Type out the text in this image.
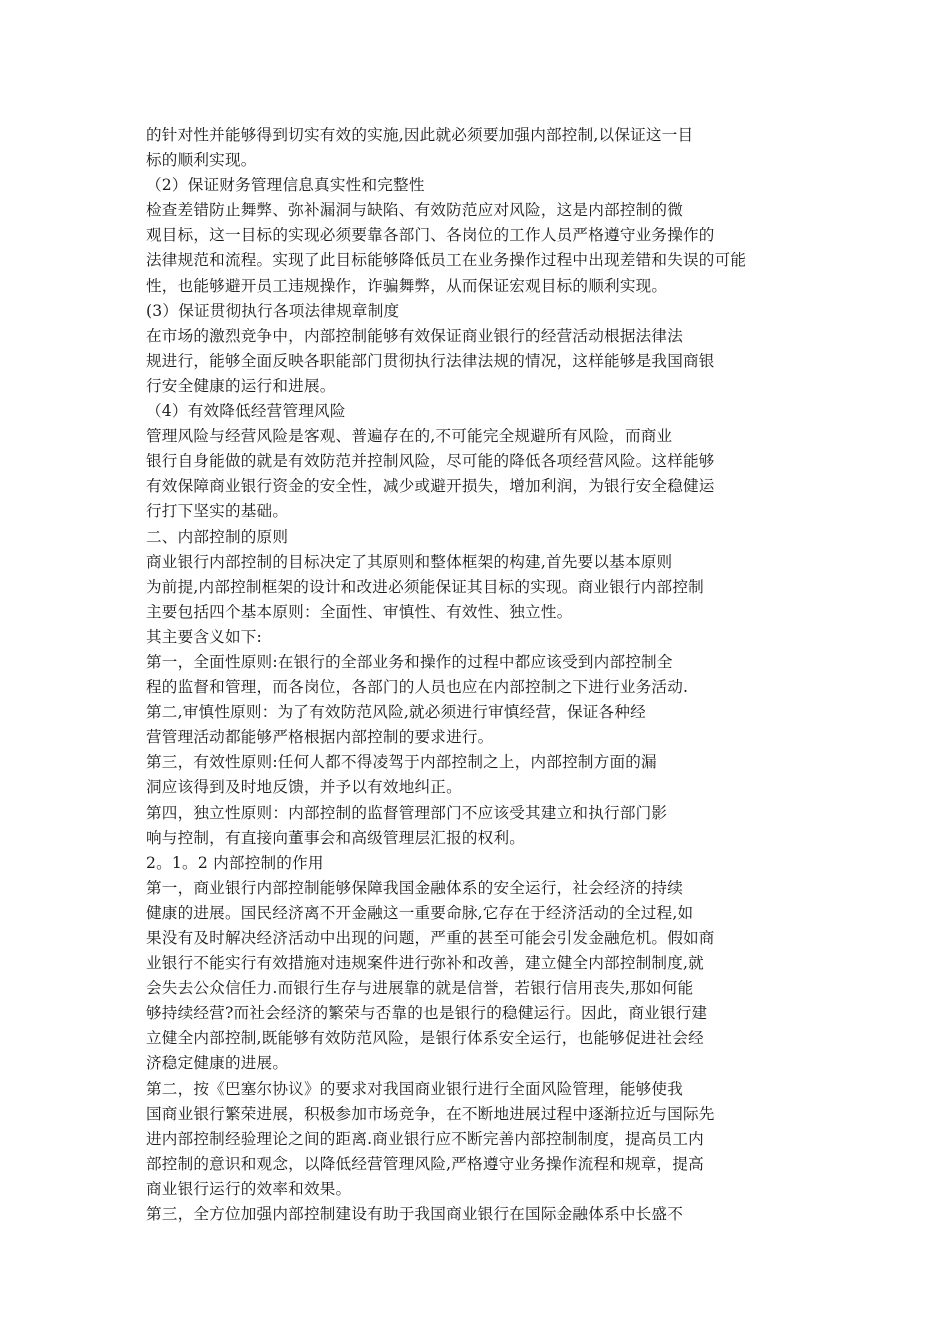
的针对性并能够得到切实有效的实施,因此就必须要加强内部控制,以保证这一目
标的顺利实现。
（2）保证财务管理信息真实性和完整性
检查差错防止舞弊、弥补漏洞与缺陷、有效防范应对风险，这是内部控制的微
观目标，这一目标的实现必须要靠各部门、各岗位的工作人员严格遵守业务操作的
法律规范和流程。实现了此目标能够降低员工在业务操作过程中出现差错和失误的可能
性，也能够避开员工违规操作，诈骗舞弊，从而保证宏观目标的顺利实现。
(3）保证贯彻执行各项法律规章制度
在市场的激烈竞争中，内部控制能够有效保证商业银行的经营活动根据法律法
规进行，能够全面反映各职能部门贯彻执行法律法规的情况，这样能够是我国商银
行安全健康的运行和进展。
（4）有效降低经营管理风险
管理风险与经营风险是客观、普遍存在的,不可能完全规避所有风险，而商业
银行自身能做的就是有效防范并控制风险，尽可能的降低各项经营风险。这样能够
有效保障商业银行资金的安全性，减少或避开损失，增加利润，为银行安全稳健运
行打下坚实的基础。
二、内部控制的原则
商业银行内部控制的目标决定了其原则和整体框架的构建,首先要以基本原则
为前提,内部控制框架的设计和改进必须能保证其目标的实现。商业银行内部控制
主要包括四个基本原则：全面性、审慎性、有效性、独立性。
其主要含义如下:
第一，全面性原则:在银行的全部业务和操作的过程中都应该受到内部控制全
程的监督和管理，而各岗位，各部门的人员也应在内部控制之下进行业务活动.
第二,审慎性原则：为了有效防范风险,就必须进行审慎经营，保证各种经
营管理活动都能够严格根据内部控制的要求进行。
第三，有效性原则:任何人都不得凌驾于内部控制之上，内部控制方面的漏
洞应该得到及时地反馈，并予以有效地纠正。
第四，独立性原则：内部控制的监督管理部门不应该受其建立和执行部门影
响与控制，有直接向董事会和高级管理层汇报的权利。
2。1。2 内部控制的作用
第一，商业银行内部控制能够保障我国金融体系的安全运行，社会经济的持续
健康的进展。国民经济离不开金融这一重要命脉,它存在于经济活动的全过程,如
果没有及时解决经济活动中出现的问题，严重的甚至可能会引发金融危机。假如商
业银行不能实行有效措施对违规案件进行弥补和改善，建立健全内部控制制度,就
会失去公众信任力.而银行生存与进展靠的就是信誉，若银行信用丧失,那如何能
够持续经营?而社会经济的繁荣与否靠的也是银行的稳健运行。因此，商业银行建
立健全内部控制,既能够有效防范风险，是银行体系安全运行，也能够促进社会经
济稳定健康的进展。
第二，按《巴塞尔协议》的要求对我国商业银行进行全面风险管理，能够使我
国商业银行繁荣进展，积极参加市场竞争，在不断地进展过程中逐渐拉近与国际先
进内部控制经验理论之间的距离.商业银行应不断完善内部控制制度，提高员工内
部控制的意识和观念，以降低经营管理风险,严格遵守业务操作流程和规章，提高
商业银行运行的效率和效果。
第三，全方位加强内部控制建设有助于我国商业银行在国际金融体系中长盛不
